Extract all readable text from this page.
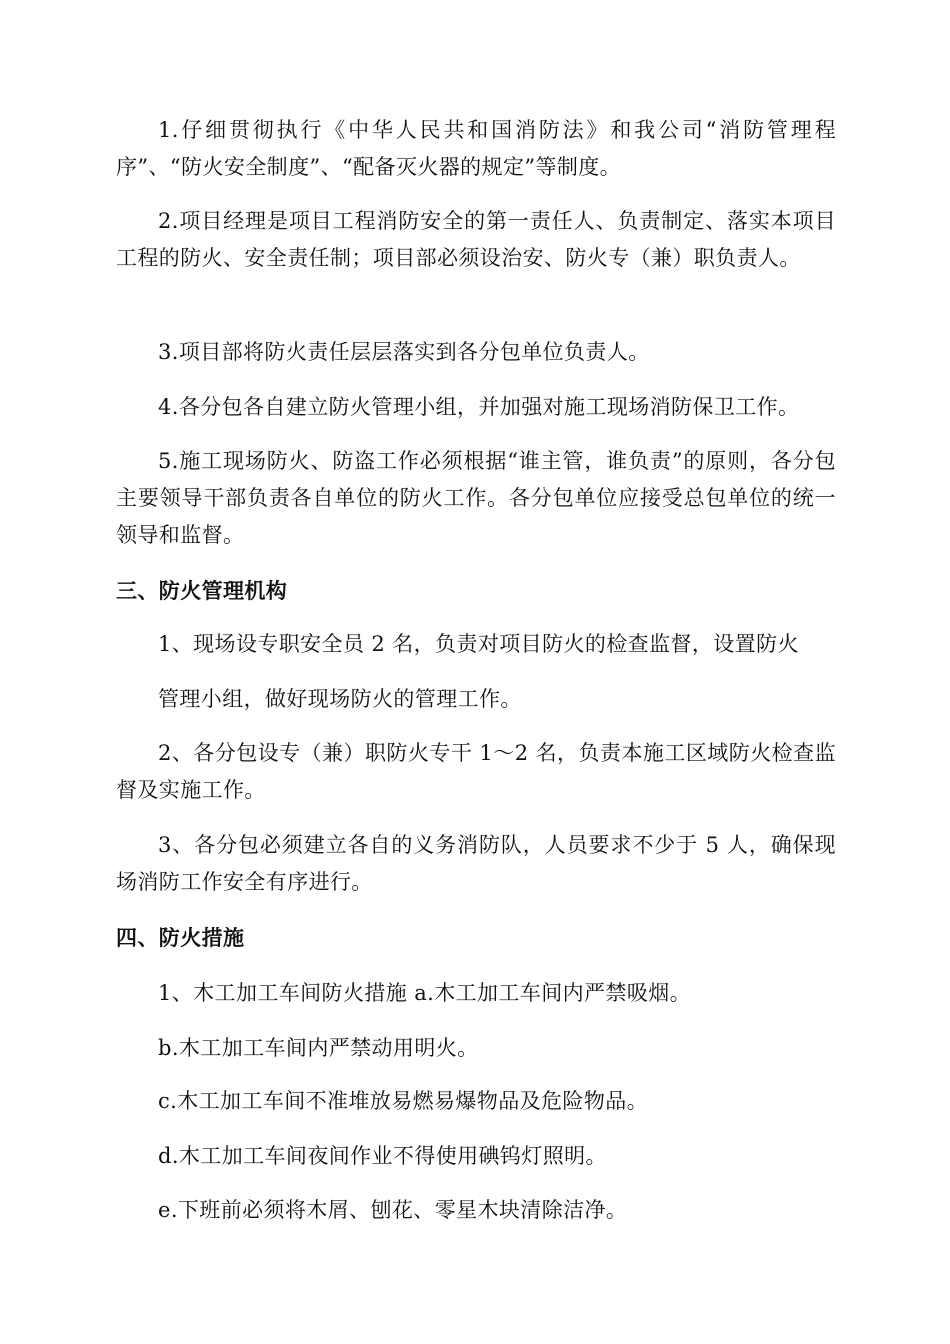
1.仔细贯彻执行《中华人民共和国消防法》和我公司“消防管理程序”、“防火安全制度”、“配备灭火器的规定”等制度。

2.项目经理是项目工程消防安全的第一责任人、负责制定、落实本项目工程的防火、安全责任制；项目部必须设治安、防火专（兼）职负责人。

3.项目部将防火责任层层落实到各分包单位负责人。

4.各分包各自建立防火管理小组，并加强对施工现场消防保卫工作。

5.施工现场防火、防盗工作必须根据“谁主管，谁负责”的原则，各分包主要领导干部负责各自单位的防火工作。各分包单位应接受总包单位的统一领导和监督。

三、防火管理机构

1、现场设专职安全员 2 名，负责对项目防火的检查监督，设置防火

管理小组，做好现场防火的管理工作。

2、各分包设专（兼）职防火专干 1～2 名，负责本施工区域防火检查监督及实施工作。

3、各分包必须建立各自的义务消防队，人员要求不少于 5 人，确保现场消防工作安全有序进行。

四、防火措施

1、木工加工车间防火措施 a.木工加工车间内严禁吸烟。

b.木工加工车间内严禁动用明火。

c.木工加工车间不准堆放易燃易爆物品及危险物品。

d.木工加工车间夜间作业不得使用碘钨灯照明。

e.下班前必须将木屑、刨花、零星木块清除洁净。
